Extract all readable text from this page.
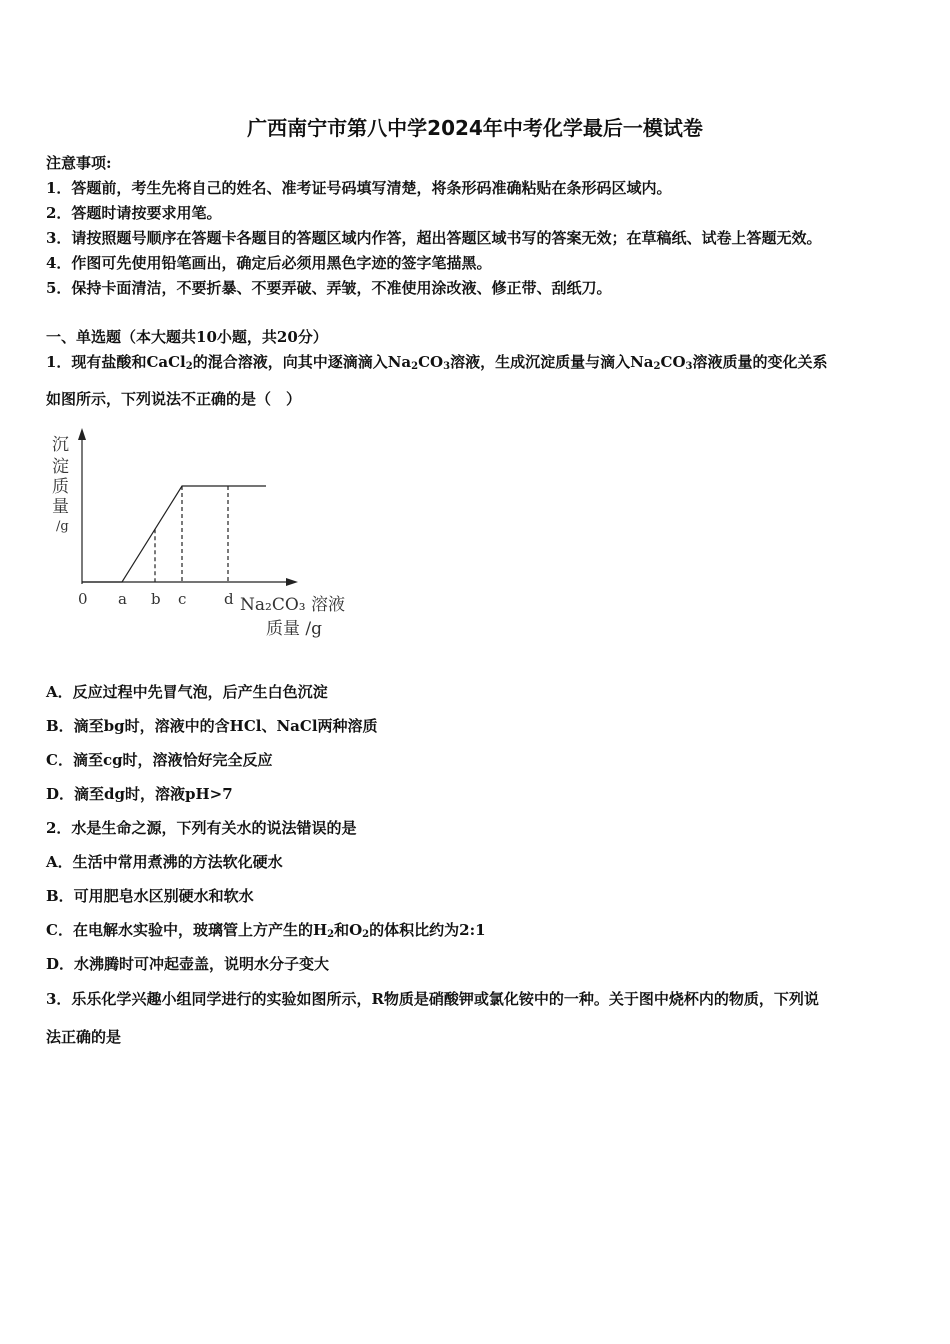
广西南宁市第八中学2024年中考化学最后一模试卷
注意事项:
1．答题前，考生先将自己的姓名、准考证号码填写清楚，将条形码准确粘贴在条形码区域内。
2．答题时请按要求用笔。
3．请按照题号顺序在答题卡各题目的答题区域内作答，超出答题区域书写的答案无效；在草稿纸、试卷上答题无效。
4．作图可先使用铅笔画出，确定后必须用黑色字迹的签字笔描黑。
5．保持卡面清洁，不要折暴、不要弄破、弄皱，不准使用涂改液、修正带、刮纸刀。
一、单选题（本大题共10小题，共20分）
1．现有盐酸和CaCl$_2$的混合溶液，向其中逐滴滴入$Na_2CO_3$溶液，生成沉淀质量与滴入$Na_2CO_3$溶液质量的变化关系
如图所示，下列说法不正确的是（　）
沉
淀
质
量
/g
0 a b c	d Na₂CO₃ 溶液
质量 /g
A．反应过程中先冒气泡，后产生白色沉淀
B．滴至bg时，溶液中的含HCl、NaCl两种溶质
C．滴至cg时，溶液恰好完全反应
D．滴至dg时，溶液pH>7
2．水是生命之源，下列有关水的说法错误的是
A．生活中常用煮沸的方法软化硬水
B．可用肥皂水区别硬水和软水
C．在电解水实验中，玻璃管上方产生的$H_2$和$O_2$的体积比约为2:1
D．水沸腾时可冲起壶盖，说明水分子变大
3．乐乐化学兴趣小组同学进行的实验如图所示，R物质是硝酸钾或氯化铵中的一种。关于图中烧杯内的物质，下列说
法正确的是
